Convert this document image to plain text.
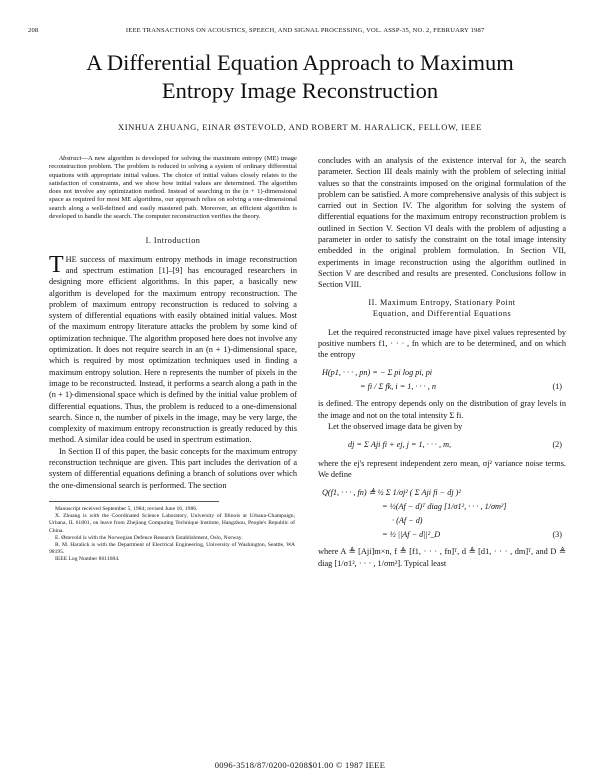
208	IEEE TRANSACTIONS ON ACOUSTICS, SPEECH, AND SIGNAL PROCESSING, VOL. ASSP-35, NO. 2, FEBRUARY 1987
A Differential Equation Approach to Maximum
Entropy Image Reconstruction
XINHUA ZHUANG, EINAR ØSTEVOLD, AND ROBERT M. HARALICK, FELLOW, IEEE

Abstract—A new algorithm is developed for solving the maximum entropy (ME) image reconstruction problem. The problem is reduced to solving a system of ordinary differential equations with appropriate initial values. The choice of initial values closely relates to the satisfaction of constraints, and we show how initial values are determined. The algorithm does not involve any optimization method. Instead of searching in the (n + 1)-dimensional space as required for most ME algorithms, our approach relies on solving a one-dimensional search along a well-defined and easily mastered path. Moreover, an efficient algorithm is developed to handle the search. The computer reconstruction verifies the theory.

I. Introduction

THE success of maximum entropy methods in image reconstruction and spectrum estimation [1]–[9] has encouraged researchers in designing more efficient algorithms. In this paper, a basically new algorithm is developed for the maximum entropy reconstruction. The problem of maximum entropy reconstruction is reduced to solving a system of differential equations with easily obtained initial values. Most of the maximum entropy literature attacks the problem by some kind of optimization technique. The algorithm proposed here does not involve any optimization. It does not require search in an (n + 1)-dimensional space, which is required by most optimization techniques used in finding a maximum entropy solution. Here n represents the number of pixels in the image to be reconstructed. Instead, it performs a search along a path in the (n + 1)-dimensional space which is defined by the initial value problem of differential equations. Thus, the problem is reduced to a one-dimensional search. Since n, the number of pixels in the image, may be very large, the complexity of maximum entropy reconstruction is greatly reduced by this method. A similar idea could be used in spectrum estimation.

In Section II of this paper, the basic concepts for the maximum entropy reconstruction technique are given. This part includes the derivation of a system of differential equations defining a branch of solutions over which the one-dimensional search is performed. The section

Manuscript received September 5, 1984; revised June 16, 1986.
X. Zhuang is with the Coordinated Science Laboratory, University of Illinois at Urbana-Champaign, Urbana, IL 61801, on leave from Zhejiang Computing Technique Institute, Hangzhou, People's Republic of China.
E. Østevold is with the Norwegian Defence Research Establishment, Oslo, Norway.
R. M. Haralick is with the Department of Electrical Engineering, University of Washington, Seattle, WA 98195.
IEEE Log Number 8611684.

concludes with an analysis of the existence interval for λ, the search parameter. Section III deals mainly with the problem of selecting initial values so that the constraints imposed on the original formulation of the problem can be satisfied. A more comprehensive analysis of this subject is carried out in Section IV. The algorithm for solving the system of differential equations for the maximum entropy reconstruction problem is outlined in Section V. Section VI deals with the problem of adjusting a parameter in order to satisfy the constraint on the total image intensity embedded in the original problem formulation. In Section VII, experiments in image reconstruction using the algorithm outlined in Section V are described and results are presented. Conclusions follow in Section VIII.

II. Maximum Entropy, Stationary Point
Equation, and Differential Equations

Let the required reconstructed image have pixel values represented by positive numbers f1, · · · , fn which are to be determined, and on which the entropy

H(p1, · · · , pn) = − Σ pi log pi, pi
= fi / Σ fk, i = 1, · · · , n	(1)

is defined. The entropy depends only on the distribution of gray levels in the image and not on the total intensity Σ fi.

Let the observed image data be given by

dj = Σ Aji fi + ej, j = 1, · · · , m,	(2)

where the ej's represent independent zero mean, σj² variance noise terms. We define

Q(f1, · · · , fn) ≜ ½ Σ 1/σj² ( Σ Aji fi − dj )²
= ½(Af − d)ᵀ diag [1/σ1², · · · , 1/σm²]
· (Af − d)
= ½ ||Af − d||²_D	(3)

where A ≜ [Aji]m×n, f ≜ [f1, · · · , fn]ᵀ, d ≜ [d1, · · · , dm]ᵀ, and D ≜ diag [1/σ1², · · · , 1/σm²]. Typical least

0096-3518/87/0200-0208$01.00 © 1987 IEEE
